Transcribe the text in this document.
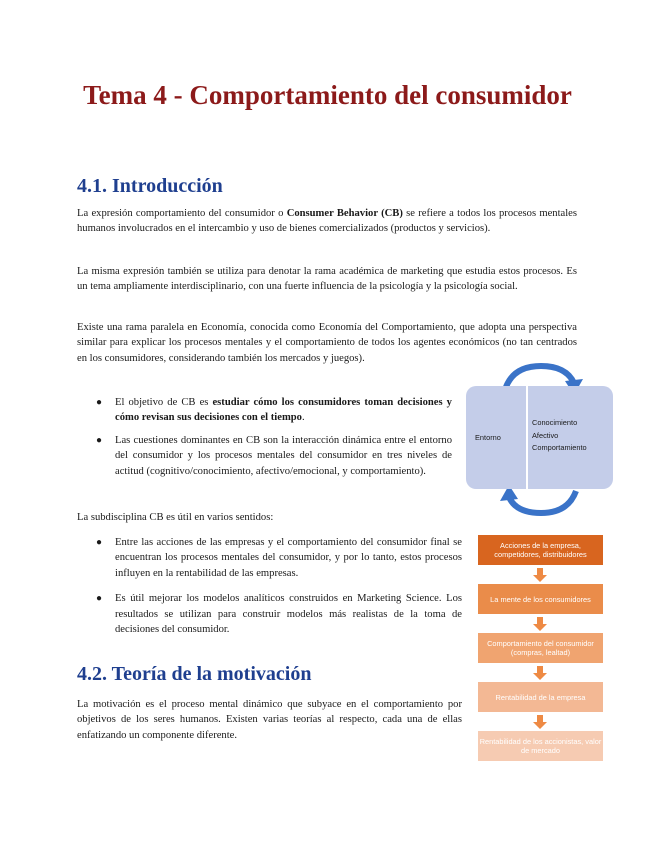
Tema 4 - Comportamiento del consumidor
4.1. Introducción

La expresión comportamiento del consumidor o Consumer Behavior (CB) se refiere a todos los procesos mentales humanos involucrados en el intercambio y uso de bienes comercializados (productos y servicios).

La misma expresión también se utiliza para denotar la rama académica de marketing que estudia estos procesos. Es un tema ampliamente interdisciplinario, con una fuerte influencia de la psicología y la psicología social.

Existe una rama paralela en Economía, conocida como Economía del Comportamiento, que adopta una perspectiva similar para explicar los procesos mentales y el comportamiento de todos los agentes económicos (no tan centrados en los consumidores, considerando también los mercados y juegos).

● El objetivo de CB es estudiar cómo los consumidores toman decisiones y cómo revisan sus decisiones con el tiempo.
● Las cuestiones dominantes en CB son la interacción dinámica entre el entorno del consumidor y los procesos mentales del consumidor en tres niveles de actitud (cognitivo/conocimiento, afectivo/emocional, y comportamiento).

La subdisciplina CB es útil en varios sentidos:

● Entre las acciones de las empresas y el comportamiento del consumidor final se encuentran los procesos mentales del consumidor, y por lo tanto, estos procesos influyen en la rentabilidad de las empresas.
● Es útil mejorar los modelos analíticos construidos en Marketing Science. Los resultados se utilizan para construir modelos más realistas de la toma de decisiones del consumidor.
4.2. Teoría de la motivación

La motivación es el proceso mental dinámico que subyace en el comportamiento por objetivos de los seres humanos. Existen varias teorías al respecto, cada una de ellas enfatizando un componente diferente.

Entorno
Conocimiento
Afectivo
Comportamiento
Acciones de la empresa, competidores, distribuidores
La mente de los consumidores
Comportamiento del consumidor (compras, lealtad)
Rentabilidad de la empresa
Rentabilidad de los accionistas, valor de mercado
